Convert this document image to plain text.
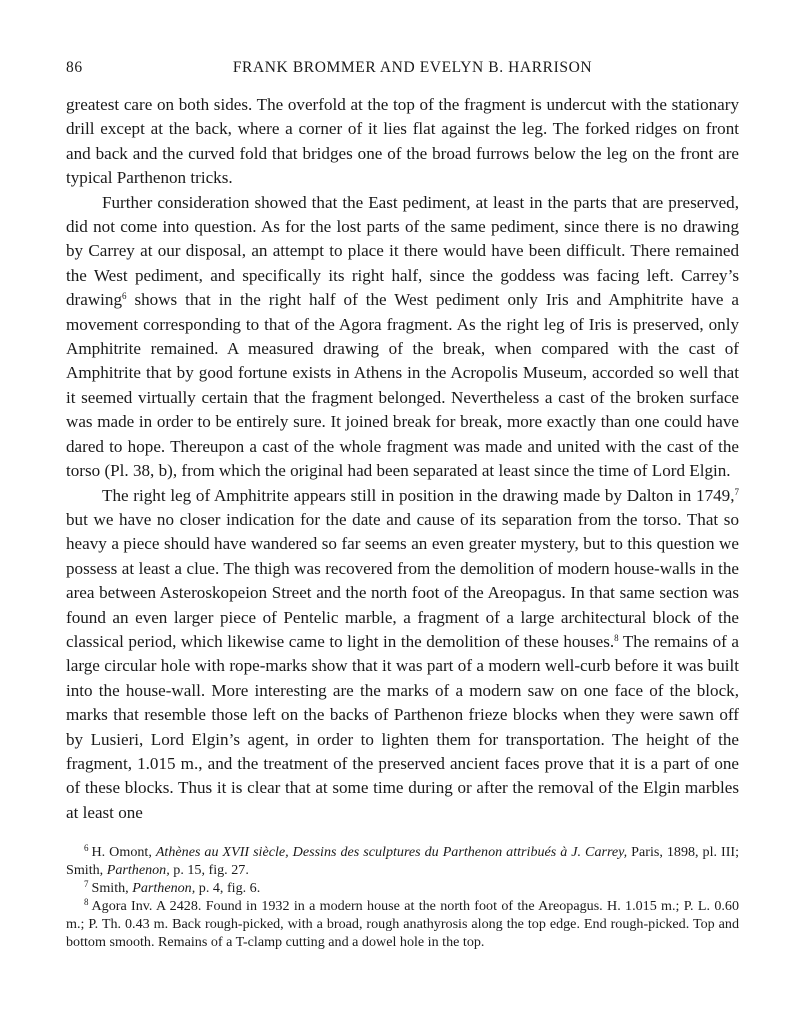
86	FRANK BROMMER AND EVELYN B. HARRISON

greatest care on both sides. The overfold at the top of the fragment is undercut with the stationary drill except at the back, where a corner of it lies flat against the leg. The forked ridges on front and back and the curved fold that bridges one of the broad furrows below the leg on the front are typical Parthenon tricks.

Further consideration showed that the East pediment, at least in the parts that are preserved, did not come into question. As for the lost parts of the same pediment, since there is no drawing by Carrey at our disposal, an attempt to place it there would have been difficult. There remained the West pediment, and specifically its right half, since the goddess was facing left. Carrey’s drawing$^6$ shows that in the right half of the West pediment only Iris and Amphitrite have a movement corresponding to that of the Agora fragment. As the right leg of Iris is preserved, only Amphitrite remained. A measured drawing of the break, when compared with the cast of Amphitrite that by good fortune exists in Athens in the Acropolis Museum, accorded so well that it seemed virtually certain that the fragment belonged. Nevertheless a cast of the broken surface was made in order to be entirely sure. It joined break for break, more exactly than one could have dared to hope. Thereupon a cast of the whole fragment was made and united with the cast of the torso (Pl. 38, b), from which the original had been separated at least since the time of Lord Elgin.

The right leg of Amphitrite appears still in position in the drawing made by Dalton in 1749,$^7$ but we have no closer indication for the date and cause of its separation from the torso. That so heavy a piece should have wandered so far seems an even greater mystery, but to this question we possess at least a clue. The thigh was recovered from the demolition of modern house-walls in the area between Asteroskopeion Street and the north foot of the Areopagus. In that same section was found an even larger piece of Pentelic marble, a fragment of a large architectural block of the classical period, which likewise came to light in the demolition of these houses.$^8$ The remains of a large circular hole with rope-marks show that it was part of a modern well-curb before it was built into the house-wall. More interesting are the marks of a modern saw on one face of the block, marks that resemble those left on the backs of Parthenon frieze blocks when they were sawn off by Lusieri, Lord Elgin’s agent, in order to lighten them for transportation. The height of the fragment, 1.015 m., and the treatment of the preserved ancient faces prove that it is a part of one of these blocks. Thus it is clear that at some time during or after the removal of the Elgin marbles at least one

$^6$ H. Omont, Athènes au XVII siècle, Dessins des sculptures du Parthenon attribués à J. Carrey, Paris, 1898, pl. III; Smith, Parthenon, p. 15, fig. 27.

$^7$ Smith, Parthenon, p. 4, fig. 6.

$^8$ Agora Inv. A 2428. Found in 1932 in a modern house at the north foot of the Areopagus. H. 1.015 m.; P. L. 0.60 m.; P. Th. 0.43 m. Back rough-picked, with a broad, rough anathyrosis along the top edge. End rough-picked. Top and bottom smooth. Remains of a T-clamp cutting and a dowel hole in the top.
